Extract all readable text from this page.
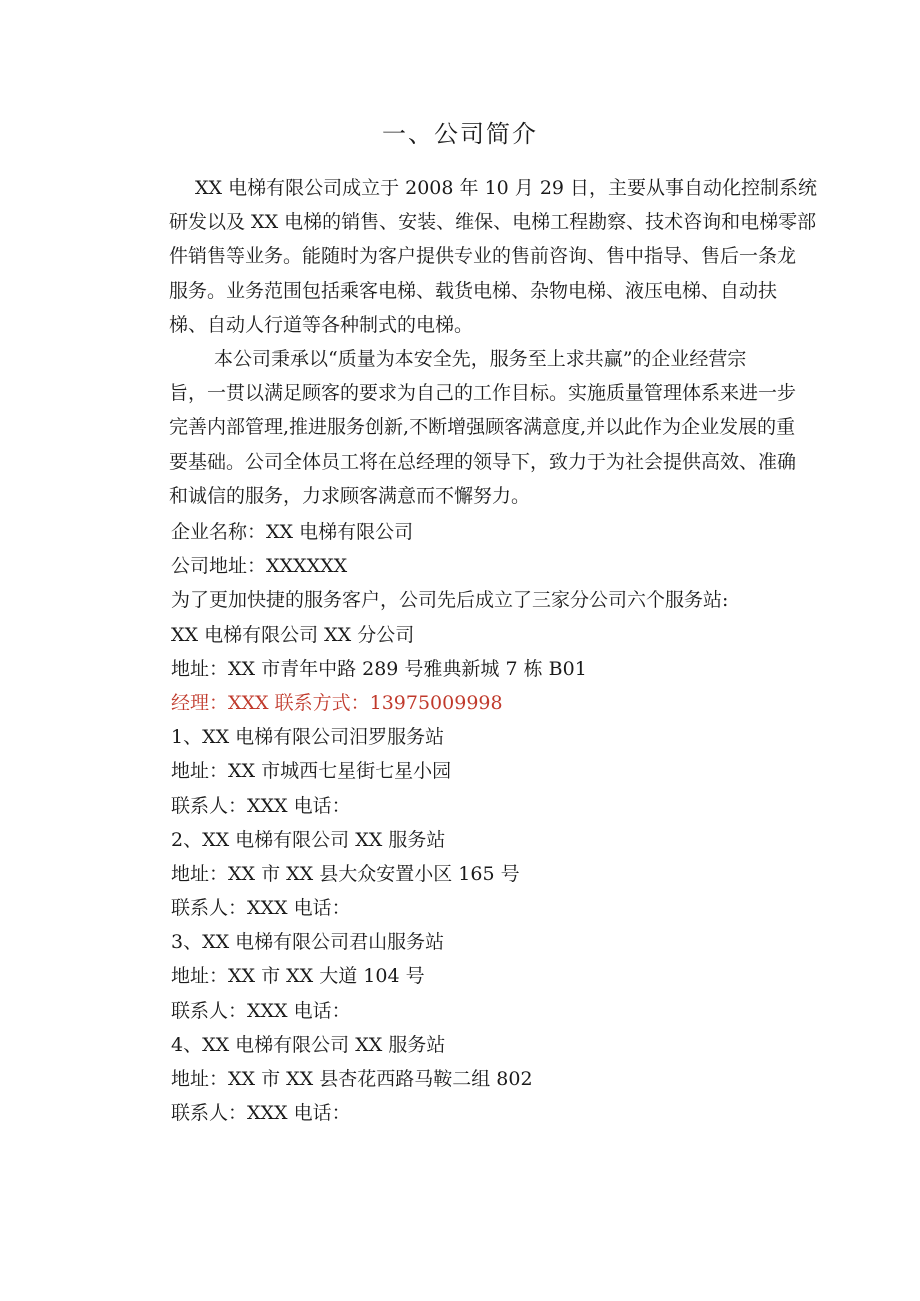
一、公司简介
XX 电梯有限公司成立于 2008 年 10 月 29 日，主要从事自动化控制系统
研发以及 XX 电梯的销售、安装、维保、电梯工程勘察、技术咨询和电梯零部
件销售等业务。能随时为客户提供专业的售前咨询、售中指导、售后一条龙
服务。业务范围包括乘客电梯、载货电梯、杂物电梯、液压电梯、自动扶
梯、自动人行道等各种制式的电梯。
本公司秉承以“质量为本安全先，服务至上求共赢”的企业经营宗
旨，一贯以满足顾客的要求为自己的工作目标。实施质量管理体系来进一步
完善内部管理,推进服务创新,不断增强顾客满意度,并以此作为企业发展的重
要基础。公司全体员工将在总经理的领导下，致力于为社会提供高效、准确
和诚信的服务，力求顾客满意而不懈努力。
企业名称：XX 电梯有限公司
公司地址：XXXXXX
为了更加快捷的服务客户，公司先后成立了三家分公司六个服务站:
XX 电梯有限公司 XX 分公司
地址：XX 市青年中路 289 号雅典新城 7 栋 B01
经理：XXX 联系方式：13975009998
1、XX 电梯有限公司汨罗服务站
地址：XX 市城西七星街七星小园
联系人：XXX 电话：
2、XX 电梯有限公司 XX 服务站
地址：XX 市 XX 县大众安置小区 165 号
联系人：XXX 电话：
3、XX 电梯有限公司君山服务站
地址：XX 市 XX 大道 104 号
联系人：XXX 电话：
4、XX 电梯有限公司 XX 服务站
地址：XX 市 XX 县杏花西路马鞍二组 802
联系人：XXX 电话：
